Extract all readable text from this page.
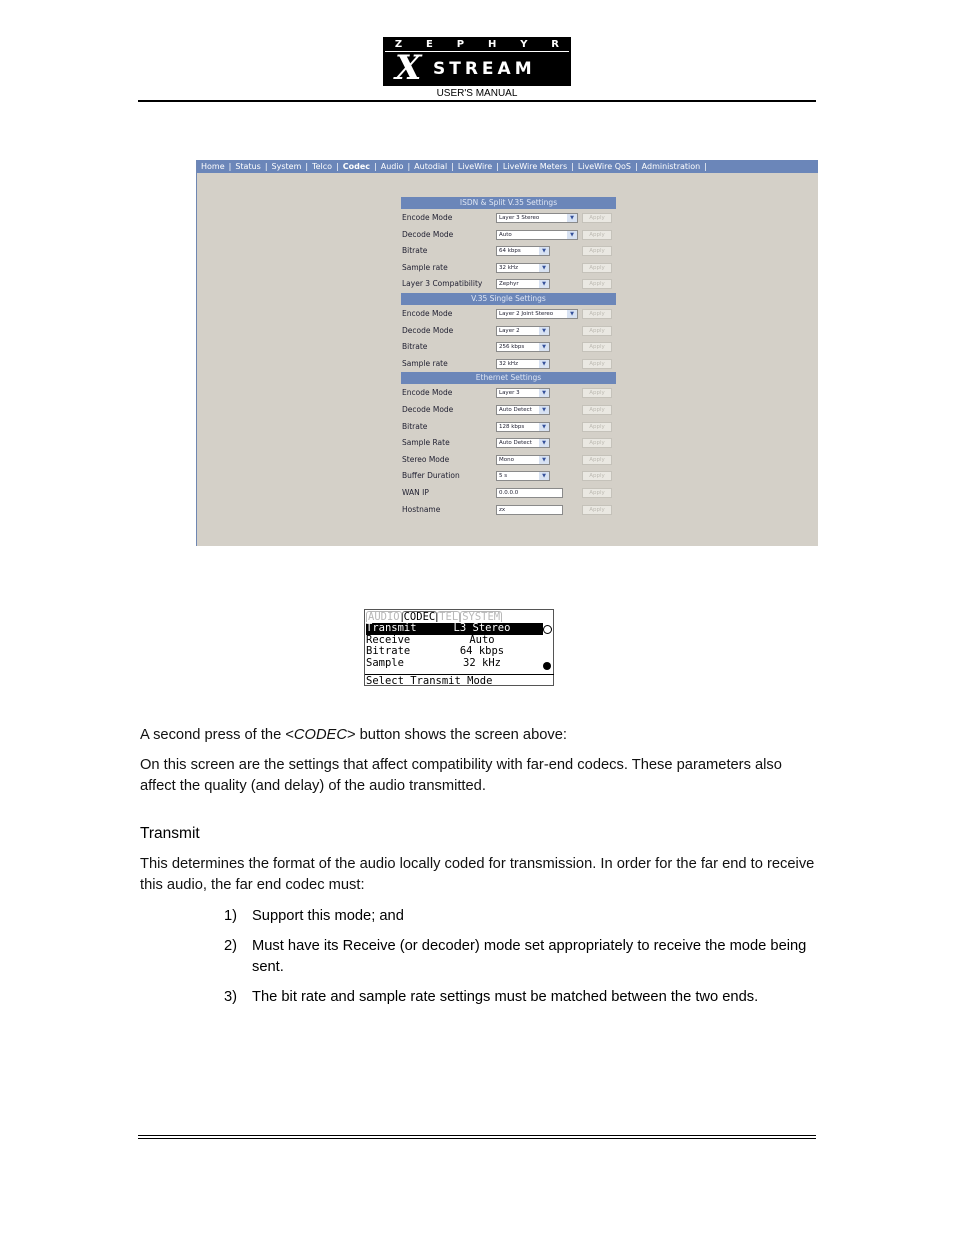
Z E P H Y R
X STREAM
USER'S MANUAL
Home | Status | System | Telco | Codec | Audio | Autodial | LiveWire | LiveWire Meters | LiveWire QoS | Administration |
ISDN & Split V.35 Settings
Encode Mode	Layer 3 Stereo	▼	Apply
Decode Mode	Auto	▼	Apply
Bitrate	64 kbps	▼	Apply
Sample rate	32 kHz	▼	Apply
Layer 3 Compatibility	Zephyr	▼	Apply
V.35 Single Settings
Encode Mode	Layer 2 Joint Stereo	▼	Apply
Decode Mode	Layer 2	▼	Apply
Bitrate	256 kbps	▼	Apply
Sample rate	32 kHz	▼	Apply
Ethernet Settings
Encode Mode	Layer 3	▼	Apply
Decode Mode	Auto Detect	▼	Apply
Bitrate	128 kbps	▼	Apply
Sample Rate	Auto Detect	▼	Apply
Stereo Mode	Mono	▼	Apply
Buffer Duration	5 s	▼	Apply
WAN IP	0.0.0.0	Apply
Hostname	zx	Apply
AUDIO CODEC TEL SYSTEM
Transmit	L3 Stereo
Receive	Auto
Bitrate	64 kbps
Sample	32 kHz
Select Transmit Mode

A second press of the <CODEC> button shows the screen above:

On this screen are the settings that affect compatibility with far-end codecs. These parameters also affect the quality (and delay) of the audio transmitted.

Transmit

This determines the format of the audio locally coded for transmission. In order for the far end to receive this audio, the far end codec must:

1) Support this mode; and
2) Must have its Receive (or decoder) mode set appropriately to receive the mode being sent.
3) The bit rate and sample rate settings must be matched between the two ends.
